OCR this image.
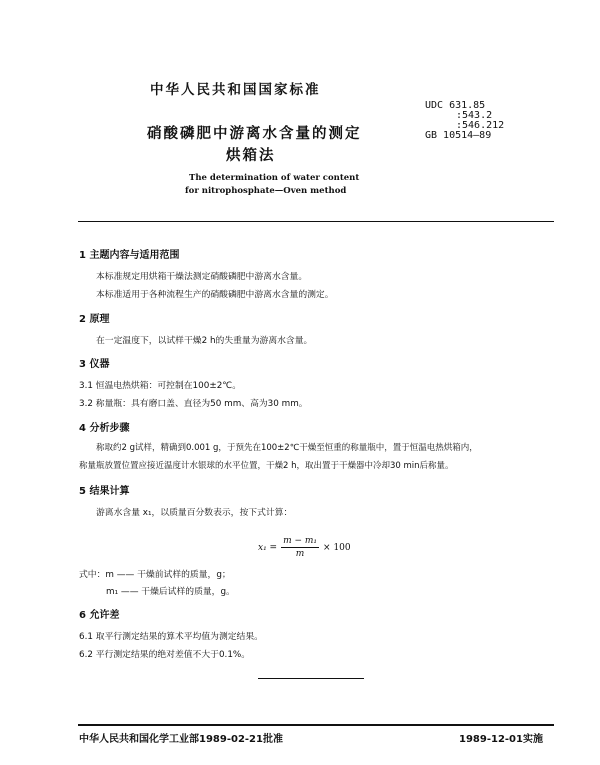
中华人民共和国国家标准
硝酸磷肥中游离水含量的测定
烘箱法
The determination of water content
for nitrophosphate—Oven method
UDC 631.85
:543.2
:546.212
GB 10514—89
1 主题内容与适用范围
本标准规定用烘箱干燥法测定硝酸磷肥中游离水含量。
本标准适用于各种流程生产的硝酸磷肥中游离水含量的测定。
2 原理
在一定温度下，以试样干燥2 h的失重量为游离水含量。
3 仪器
3.1 恒温电热烘箱：可控制在100±2℃。
3.2 称量瓶：具有磨口盖、直径为50 mm、高为30 mm。
4 分析步骤
称取约2 g试样，精确到0.001 g，于预先在100±2℃干燥至恒重的称量瓶中，置于恒温电热烘箱内，
称量瓶放置位置应接近温度计水银球的水平位置，干燥2 h，取出置于干燥器中冷却30 min后称量。
5 结果计算
游离水含量 x₁，以质量百分数表示，按下式计算：
$x_1 = \frac{\text{m − m₁}}{m} \times 100$
式中：m —— 干燥前试样的质量，g；
m₁ —— 干燥后试样的质量，g。
6 允许差
6.1 取平行测定结果的算术平均值为测定结果。
6.2 平行测定结果的绝对差值不大于0.1%。
中华人民共和国化学工业部1989-02-21批准	1989-12-01实施
